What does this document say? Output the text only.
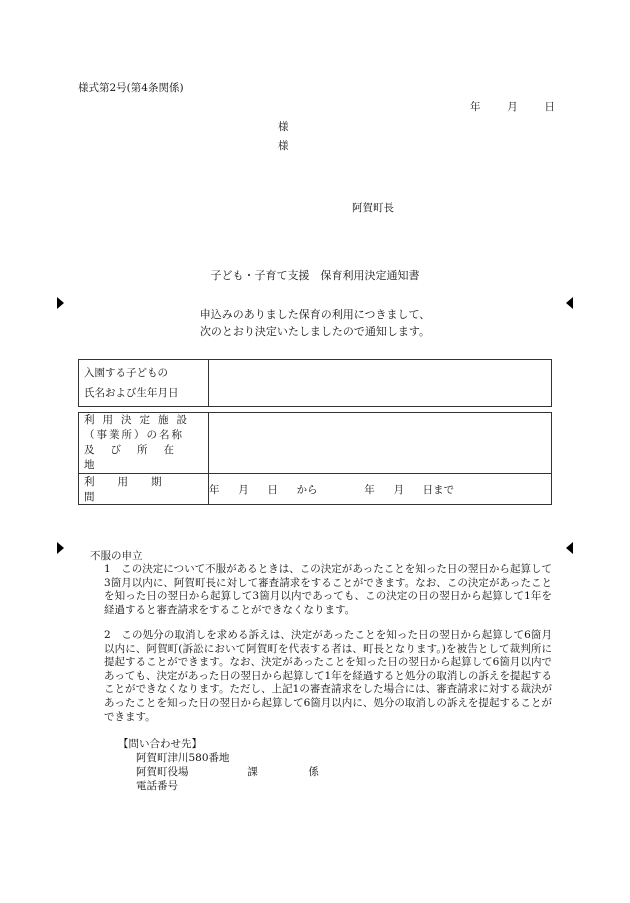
様式第2号(第4条関係)
年	月	日
様
様
阿賀町長
子ども・子育て支援　保育利用決定通知書
申込みのありました保育の利用につきまして、
次のとおり決定いたしましたので通知します。
入園する子どもの
氏名および生年月日	

利用決定施設
（事業所）の名称
及び所在地	

利用期間	年 月 日 から 年 月 日まで
不服の申立
1　この決定について不服があるときは、この決定があったことを知った日の翌日から起算して3箇月以内に、阿賀町長に対して審査請求をすることができます。なお、この決定があったことを知った日の翌日から起算して3箇月以内であっても、この決定の日の翌日から起算して1年を経過すると審査請求をすることができなくなります。
2　この処分の取消しを求める訴えは、決定があったことを知った日の翌日から起算して6箇月以内に、阿賀町(訴訟において阿賀町を代表する者は、町長となります。)を被告として裁判所に提起することができます。なお、決定があったことを知った日の翌日から起算して6箇月以内であっても、決定があった日の翌日から起算して1年を経過すると処分の取消しの訴えを提起することができなくなります。ただし、上記1の審査請求をした場合には、審査請求に対する裁決があったことを知った日の翌日から起算して6箇月以内に、処分の取消しの訴えを提起することができます。
【問い合わせ先】
阿賀町津川580番地
阿賀町役場	課	係
電話番号
